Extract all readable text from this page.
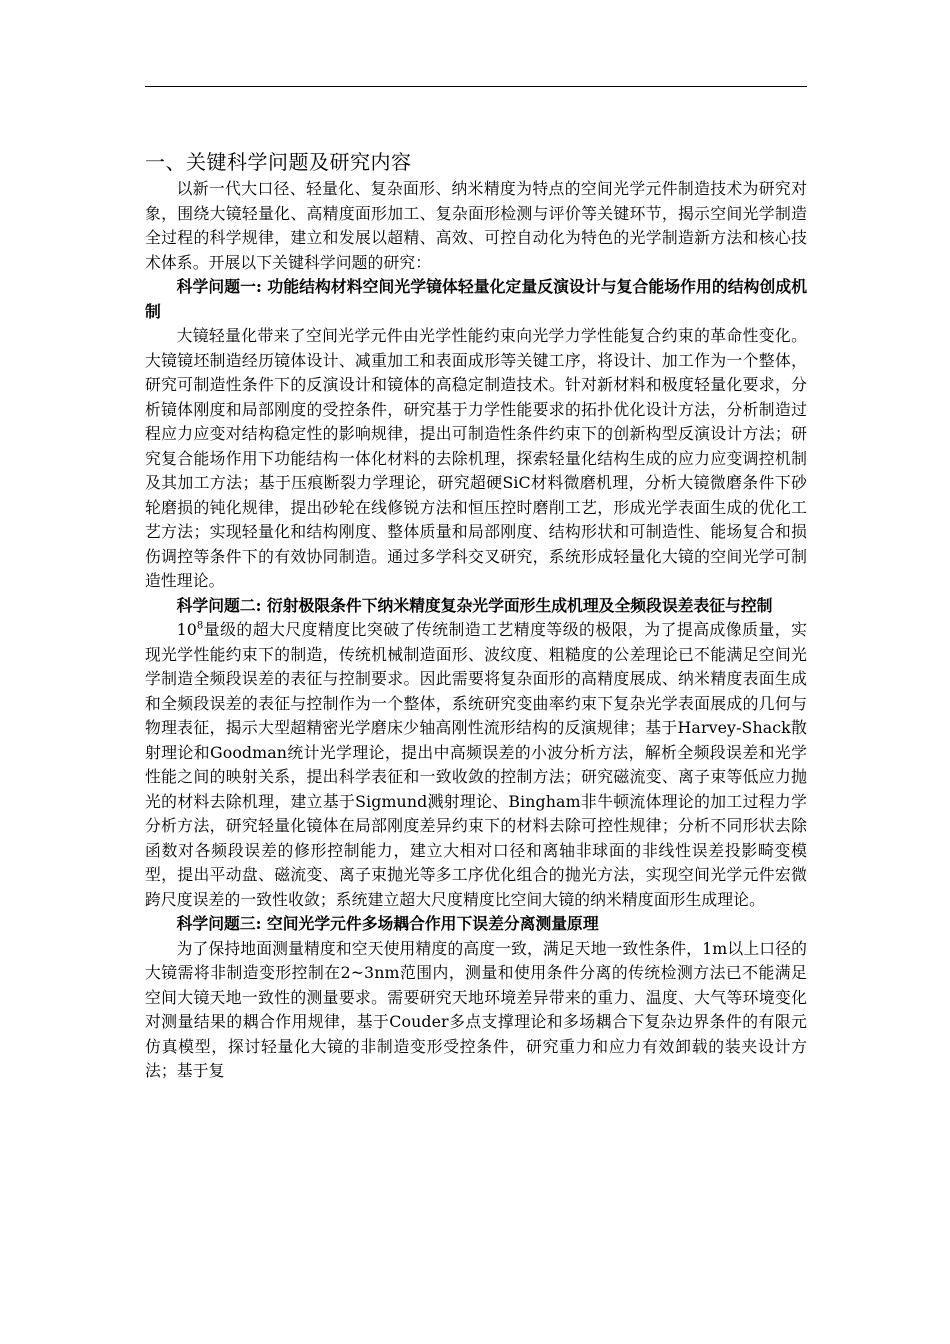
一、关键科学问题及研究内容

以新一代大口径、轻量化、复杂面形、纳米精度为特点的空间光学元件制造技术为研究对象，围绕大镜轻量化、高精度面形加工、复杂面形检测与评价等关键环节，揭示空间光学制造全过程的科学规律，建立和发展以超精、高效、可控自动化为特色的光学制造新方法和核心技术体系。开展以下关键科学问题的研究：

科学问题一: 功能结构材料空间光学镜体轻量化定量反演设计与复合能场作用的结构创成机制

大镜轻量化带来了空间光学元件由光学性能约束向光学力学性能复合约束的革命性变化。大镜镜坯制造经历镜体设计、减重加工和表面成形等关键工序，将设计、加工作为一个整体，研究可制造性条件下的反演设计和镜体的高稳定制造技术。针对新材料和极度轻量化要求，分析镜体刚度和局部刚度的受控条件，研究基于力学性能要求的拓扑优化设计方法，分析制造过程应力应变对结构稳定性的影响规律，提出可制造性条件约束下的创新构型反演设计方法；研究复合能场作用下功能结构一体化材料的去除机理，探索轻量化结构生成的应力应变调控机制及其加工方法；基于压痕断裂力学理论，研究超硬SiC材料微磨机理，分析大镜微磨条件下砂轮磨损的钝化规律，提出砂轮在线修锐方法和恒压控时磨削工艺，形成光学表面生成的优化工艺方法；实现轻量化和结构刚度、整体质量和局部刚度、结构形状和可制造性、能场复合和损伤调控等条件下的有效协同制造。通过多学科交叉研究，系统形成轻量化大镜的空间光学可制造性理论。

科学问题二: 衍射极限条件下纳米精度复杂光学面形生成机理及全频段误差表征与控制

$10^8$量级的超大尺度精度比突破了传统制造工艺精度等级的极限，为了提高成像质量，实现光学性能约束下的制造，传统机械制造面形、波纹度、粗糙度的公差理论已不能满足空间光学制造全频段误差的表征与控制要求。因此需要将复杂面形的高精度展成、纳米精度表面生成和全频段误差的表征与控制作为一个整体，系统研究变曲率约束下复杂光学表面展成的几何与物理表征，揭示大型超精密光学磨床少轴高刚性流形结构的反演规律；基于Harvey-Shack散射理论和Goodman统计光学理论，提出中高频误差的小波分析方法，解析全频段误差和光学性能之间的映射关系，提出科学表征和一致收敛的控制方法；研究磁流变、离子束等低应力抛光的材料去除机理，建立基于Sigmund溅射理论、Bingham非牛顿流体理论的加工过程力学分析方法，研究轻量化镜体在局部刚度差异约束下的材料去除可控性规律；分析不同形状去除函数对各频段误差的修形控制能力，建立大相对口径和离轴非球面的非线性误差投影畸变模型，提出平动盘、磁流变、离子束抛光等多工序优化组合的抛光方法，实现空间光学元件宏微跨尺度误差的一致性收敛；系统建立超大尺度精度比空间大镜的纳米精度面形生成理论。

科学问题三: 空间光学元件多场耦合作用下误差分离测量原理

为了保持地面测量精度和空天使用精度的高度一致，满足天地一致性条件，1m以上口径的大镜需将非制造变形控制在2~3nm范围内，测量和使用条件分离的传统检测方法已不能满足空间大镜天地一致性的测量要求。需要研究天地环境差异带来的重力、温度、大气等环境变化对测量结果的耦合作用规律，基于Couder多点支撑理论和多场耦合下复杂边界条件的有限元仿真模型，探讨轻量化大镜的非制造变形受控条件，研究重力和应力有效卸载的装夹设计方法；基于复
